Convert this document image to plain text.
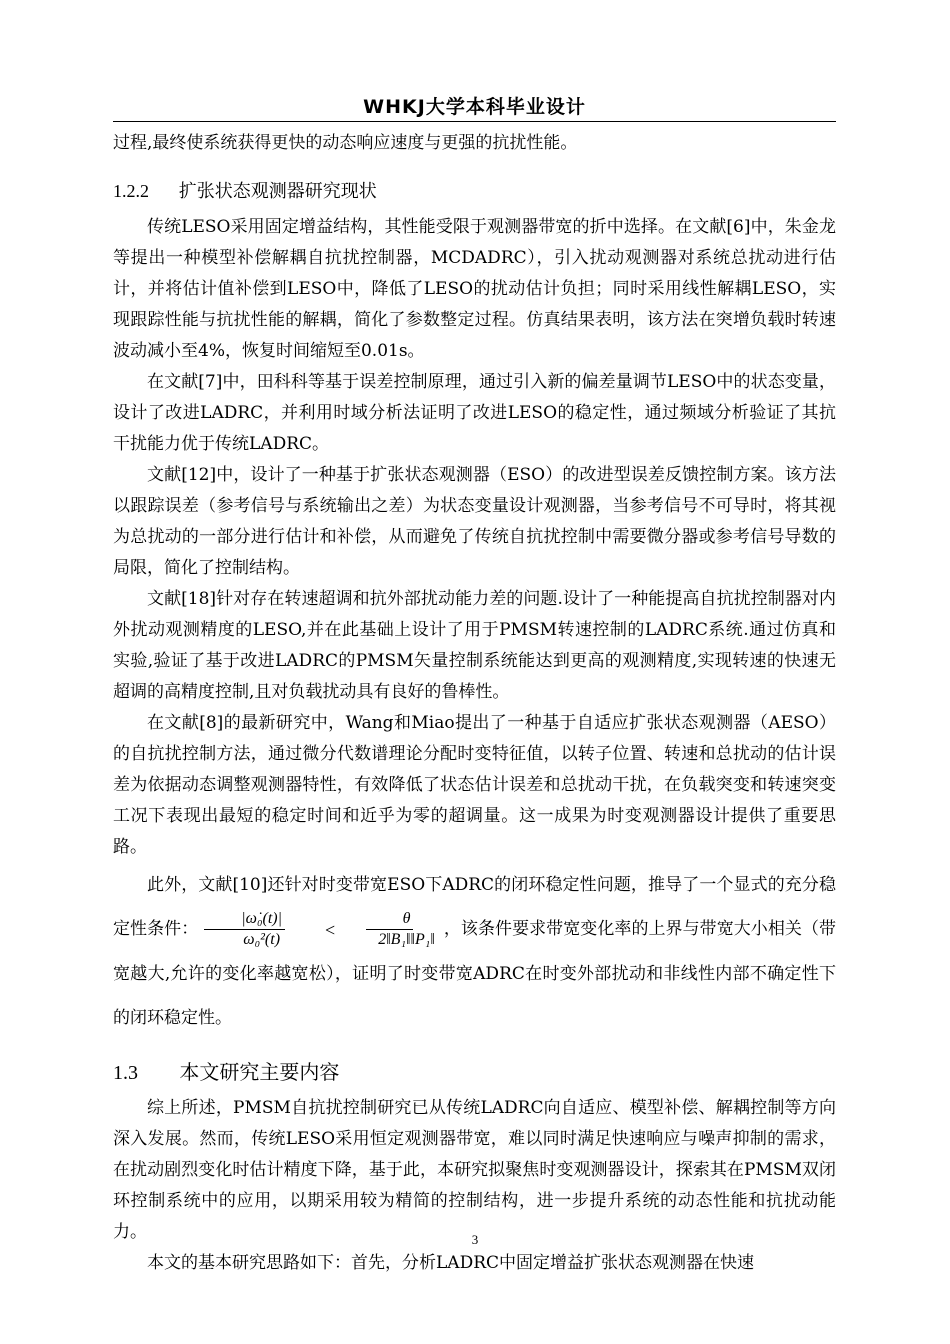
WHKJ大学本科毕业设计

过程,最终使系统获得更快的动态响应速度与更强的抗扰性能。

1.2.2 扩张状态观测器研究现状

传统LESO采用固定增益结构，其性能受限于观测器带宽的折中选择。在文献[6]中，朱金龙等提出一种模型补偿解耦自抗扰控制器，MCDADRC），引入扰动观测器对系统总扰动进行估计，并将估计值补偿到LESO中，降低了LESO的扰动估计负担；同时采用线性解耦LESO，实现跟踪性能与抗扰性能的解耦，简化了参数整定过程。仿真结果表明，该方法在突增负载时转速波动减小至4%，恢复时间缩短至0.01s。

在文献[7]中，田科科等基于误差控制原理，通过引入新的偏差量调节LESO中的状态变量，设计了改进LADRC，并利用时域分析法证明了改进LESO的稳定性，通过频域分析验证了其抗干扰能力优于传统LADRC。

文献[12]中，设计了一种基于扩张状态观测器（ESO）的改进型误差反馈控制方案。该方法以跟踪误差（参考信号与系统输出之差）为状态变量设计观测器，当参考信号不可导时，将其视为总扰动的一部分进行估计和补偿，从而避免了传统自抗扰控制中需要微分器或参考信号导数的局限，简化了控制结构。

文献[18]针对存在转速超调和抗外部扰动能力差的问题.设计了一种能提高自抗扰控制器对内外扰动观测精度的LESO,并在此基础上设计了用于PMSM转速控制的LADRC系统.通过仿真和实验,验证了基于改进LADRC的PMSM矢量控制系统能达到更高的观测精度,实现转速的快速无超调的高精度控制,且对负载扰动具有良好的鲁棒性。

在文献[8]的最新研究中，Wang和Miao提出了一种基于自适应扩张状态观测器（AESO）的自抗扰控制方法，通过微分代数谱理论分配时变特征值，以转子位置、转速和总扰动的估计误差为依据动态调整观测器特性，有效降低了状态估计误差和总扰动干扰，在负载突变和转速突变工况下表现出最短的稳定时间和近乎为零的超调量。这一成果为时变观测器设计提供了重要思路。

此外，文献[10]还针对时变带宽ESO下ADRC的闭环稳定性问题，推导了一个显式的充分稳定性条件： $\frac{\text{|ω̇₀(t)|}}{\text{ω₀²(t)}}$	< $\frac{\theta}{\text{2‖B₁‖‖P₁‖}}$ ，该条件要求带宽变化率的上界与带宽大小相关（带宽越大,允许的变化率越宽松），证明了时变带宽ADRC在时变外部扰动和非线性内部不确定性下的闭环稳定性。

1.3 本文研究主要内容

综上所述，PMSM自抗扰控制研究已从传统LADRC向自适应、模型补偿、解耦控制等方向深入发展。然而，传统LESO采用恒定观测器带宽，难以同时满足快速响应与噪声抑制的需求，在扰动剧烈变化时估计精度下降，基于此，本研究拟聚焦时变观测器设计，探索其在PMSM双闭环控制系统中的应用，以期采用较为精简的控制结构，进一步提升系统的动态性能和抗扰动能力。

本文的基本研究思路如下：首先，分析LADRC中固定增益扩张状态观测器在快速

3
